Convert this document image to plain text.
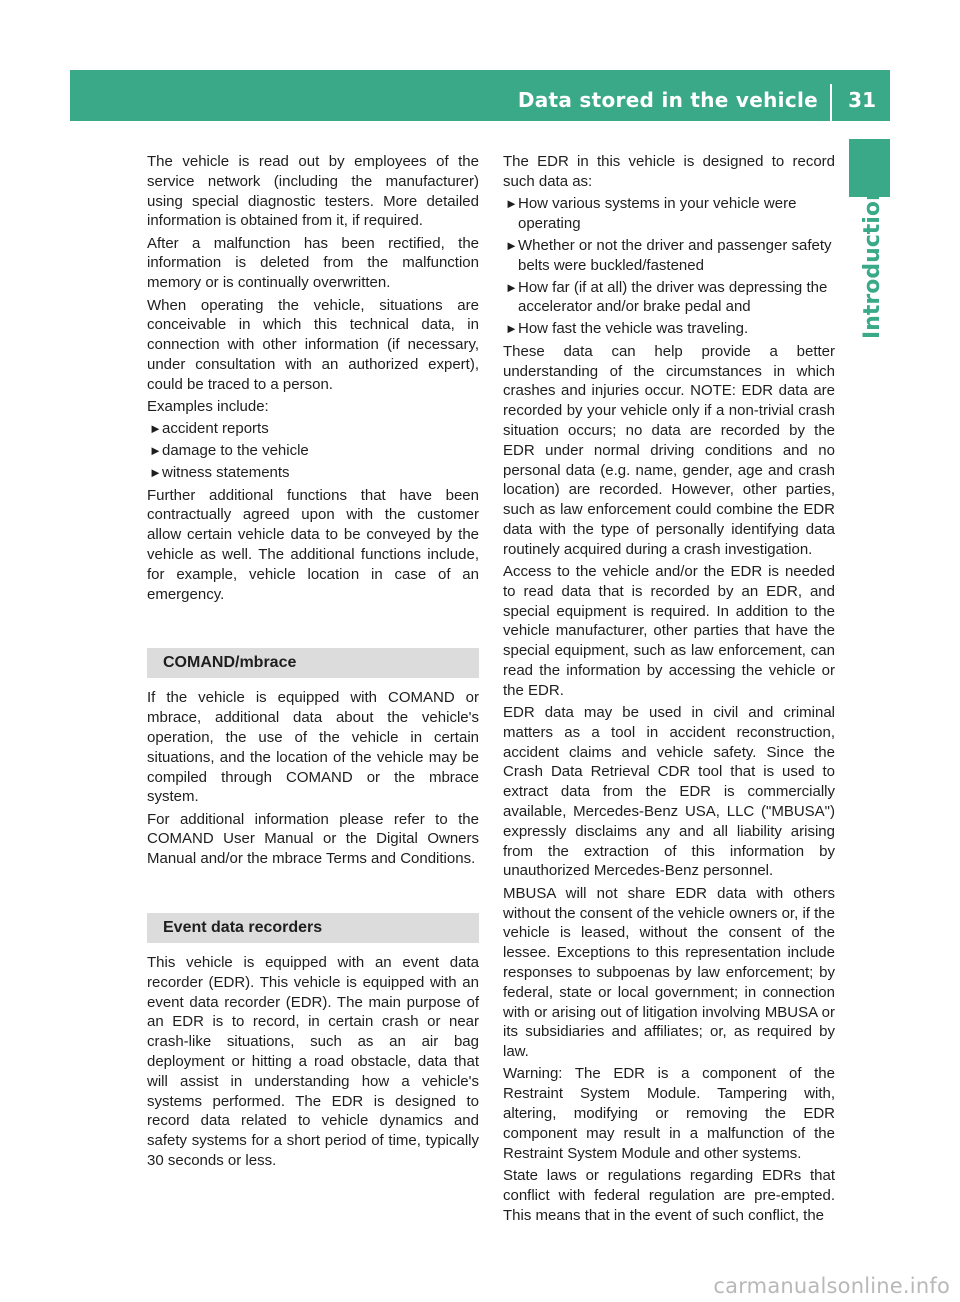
Data stored in the vehicle 31
Introduction

The vehicle is read out by employees of the service network (including the manufacturer) using special diagnostic testers. More detailed information is obtained from it, if required.

After a malfunction has been rectified, the information is deleted from the malfunction memory or is continually overwritten.

When operating the vehicle, situations are conceivable in which this technical data, in connection with other information (if necessary, under consultation with an authorized expert), could be traced to a person.

Examples include:

► accident reports
► damage to the vehicle
► witness statements

Further additional functions that have been contractually agreed upon with the customer allow certain vehicle data to be conveyed by the vehicle as well. The additional functions include, for example, vehicle location in case of an emergency.

COMAND/mbrace

If the vehicle is equipped with COMAND or mbrace, additional data about the vehicle's operation, the use of the vehicle in certain situations, and the location of the vehicle may be compiled through COMAND or the mbrace system.

For additional information please refer to the COMAND User Manual or the Digital Owners Manual and/or the mbrace Terms and Conditions.

Event data recorders

This vehicle is equipped with an event data recorder (EDR). This vehicle is equipped with an event data recorder (EDR). The main purpose of an EDR is to record, in certain crash or near crash-like situations, such as an air bag deployment or hitting a road obstacle, data that will assist in understanding how a vehicle's systems performed. The EDR is designed to record data related to vehicle dynamics and safety systems for a short period of time, typically 30 seconds or less.

The EDR in this vehicle is designed to record such data as:

► How various systems in your vehicle were operating
► Whether or not the driver and passenger safety belts were buckled/fastened
► How far (if at all) the driver was depressing the accelerator and/or brake pedal and
► How fast the vehicle was traveling.

These data can help provide a better understanding of the circumstances in which crashes and injuries occur. NOTE: EDR data are recorded by your vehicle only if a non-trivial crash situation occurs; no data are recorded by the EDR under normal driving conditions and no personal data (e.g. name, gender, age and crash location) are recorded. However, other parties, such as law enforcement could combine the EDR data with the type of personally identifying data routinely acquired during a crash investigation.

Access to the vehicle and/or the EDR is needed to read data that is recorded by an EDR, and special equipment is required. In addition to the vehicle manufacturer, other parties that have the special equipment, such as law enforcement, can read the information by accessing the vehicle or the EDR.

EDR data may be used in civil and criminal matters as a tool in accident reconstruction, accident claims and vehicle safety. Since the Crash Data Retrieval CDR tool that is used to extract data from the EDR is commercially available, Mercedes-Benz USA, LLC ("MBUSA") expressly disclaims any and all liability arising from the extraction of this information by unauthorized Mercedes-Benz personnel.

MBUSA will not share EDR data with others without the consent of the vehicle owners or, if the vehicle is leased, without the consent of the lessee. Exceptions to this representation include responses to subpoenas by law enforcement; by federal, state or local government; in connection with or arising out of litigation involving MBUSA or its subsidiaries and affiliates; or, as required by law.

Warning: The EDR is a component of the Restraint System Module. Tampering with, altering, modifying or removing the EDR component may result in a malfunction of the Restraint System Module and other systems.

State laws or regulations regarding EDRs that conflict with federal regulation are pre-empted. This means that in the event of such conflict, the

carmanualsonline.info
